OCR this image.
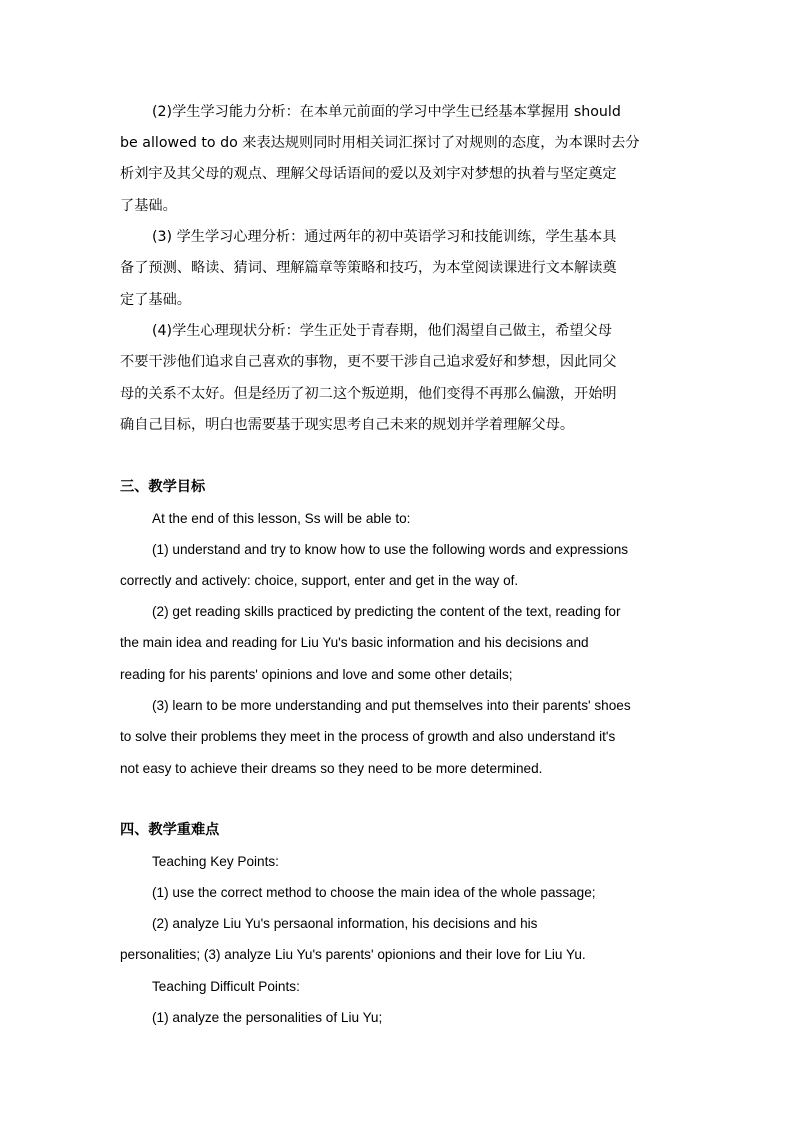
(2)学生学习能力分析：在本单元前面的学习中学生已经基本掌握用 should
be allowed to do 来表达规则同时用相关词汇探讨了对规则的态度，为本课时去分
析刘宇及其父母的观点、理解父母话语间的爱以及刘宇对梦想的执着与坚定奠定
了基础。
(3) 学生学习心理分析：通过两年的初中英语学习和技能训练，学生基本具
备了预测、略读、猜词、理解篇章等策略和技巧，为本堂阅读课进行文本解读奠
定了基础。
(4)学生心理现状分析：学生正处于青春期，他们渴望自己做主，希望父母
不要干涉他们追求自己喜欢的事物，更不要干涉自己追求爱好和梦想，因此同父
母的关系不太好。但是经历了初二这个叛逆期，他们变得不再那么偏激，开始明
确自己目标，明白也需要基于现实思考自己未来的规划并学着理解父母。
三、教学目标
At the end of this lesson, Ss will be able to:
(1) understand and try to know how to use the following words and expressions
correctly and actively: choice, support, enter and get in the way of.
(2) get reading skills practiced by predicting the content of the text, reading for
the main idea and reading for Liu Yu's basic information and his decisions and
reading for his parents' opinions and love and some other details;
(3) learn to be more understanding and put themselves into their parents' shoes
to solve their problems they meet in the process of growth and also understand it's
not easy to achieve their dreams so they need to be more determined.
四、教学重难点
Teaching Key Points:
(1) use the correct method to choose the main idea of the whole passage;
(2) analyze Liu Yu's persaonal information, his decisions and his
personalities; (3) analyze Liu Yu's parents' opionions and their love for Liu Yu.
Teaching Difficult Points:
(1) analyze the personalities of Liu Yu;
